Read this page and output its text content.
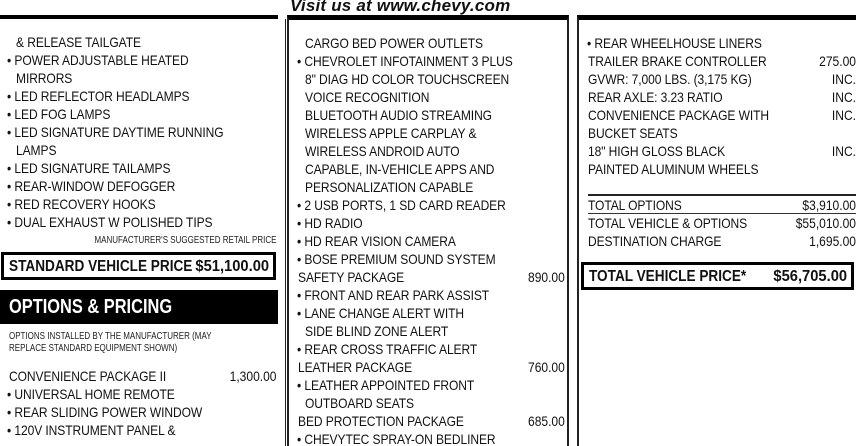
Visit us at www.chevy.com
& RELEASE TAILGATE
• POWER ADJUSTABLE HEATED
MIRRORS
• LED REFLECTOR HEADLAMPS
• LED FOG LAMPS
• LED SIGNATURE DAYTIME RUNNING
LAMPS
• LED SIGNATURE TAILAMPS
• REAR-WINDOW DEFOGGER
• RED RECOVERY HOOKS
• DUAL EXHAUST W POLISHED TIPS
MANUFACTURER'S SUGGESTED RETAIL PRICE
STANDARD VEHICLE PRICE $51,100.00
OPTIONS & PRICING
OPTIONS INSTALLED BY THE MANUFACTURER (MAY REPLACE STANDARD EQUIPMENT SHOWN)
CONVENIENCE PACKAGE II	1,300.00
• UNIVERSAL HOME REMOTE
• REAR SLIDING POWER WINDOW
• 120V INSTRUMENT PANEL &
CARGO BED POWER OUTLETS
• CHEVROLET INFOTAINMENT 3 PLUS
8" DIAG HD COLOR TOUCHSCREEN
VOICE RECOGNITION
BLUETOOTH AUDIO STREAMING
WIRELESS APPLE CARPLAY &
WIRELESS ANDROID AUTO
CAPABLE, IN-VEHICLE APPS AND
PERSONALIZATION CAPABLE
• 2 USB PORTS, 1 SD CARD READER
• HD RADIO
• HD REAR VISION CAMERA
• BOSE PREMIUM SOUND SYSTEM
SAFETY PACKAGE	890.00
• FRONT AND REAR PARK ASSIST
• LANE CHANGE ALERT WITH
SIDE BLIND ZONE ALERT
• REAR CROSS TRAFFIC ALERT
LEATHER PACKAGE	760.00
• LEATHER APPOINTED FRONT
OUTBOARD SEATS
BED PROTECTION PACKAGE	685.00
• CHEVYTEC SPRAY-ON BEDLINER
• REAR WHEELHOUSE LINERS
TRAILER BRAKE CONTROLLER	275.00
GVWR: 7,000 LBS. (3,175 KG)	INC.
REAR AXLE: 3.23 RATIO	INC.
CONVENIENCE PACKAGE WITH	INC.
BUCKET SEATS
18" HIGH GLOSS BLACK	INC.
PAINTED ALUMINUM WHEELS
TOTAL OPTIONS	$3,910.00
TOTAL VEHICLE & OPTIONS	$55,010.00
DESTINATION CHARGE	1,695.00
TOTAL VEHICLE PRICE* $56,705.00
